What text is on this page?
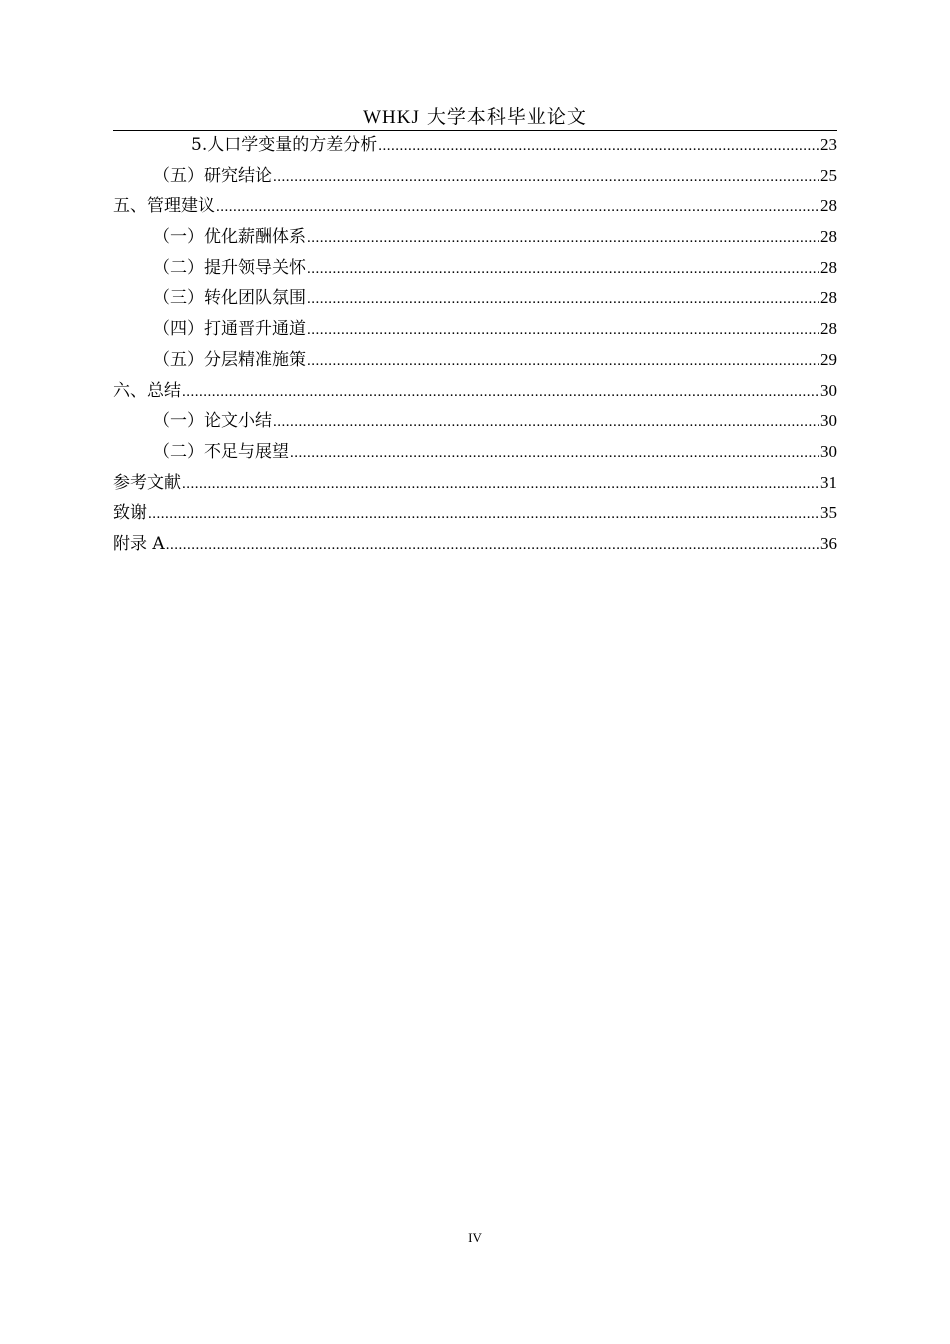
WHKJ 大学本科毕业论文
5.人口学变量的方差分析 .....	23
（五）研究结论 .....	25
五、管理建议 .....	28
（一）优化薪酬体系 .....	28
（二）提升领导关怀 .....	28
（三）转化团队氛围 .....	28
（四）打通晋升通道 .....	28
（五）分层精准施策 .....	29
六、总结 .....	30
（一）论文小结 .....	30
（二）不足与展望 .....	30
参考文献 .....	31
致谢 .....	35
附录 A .....	36
IV
